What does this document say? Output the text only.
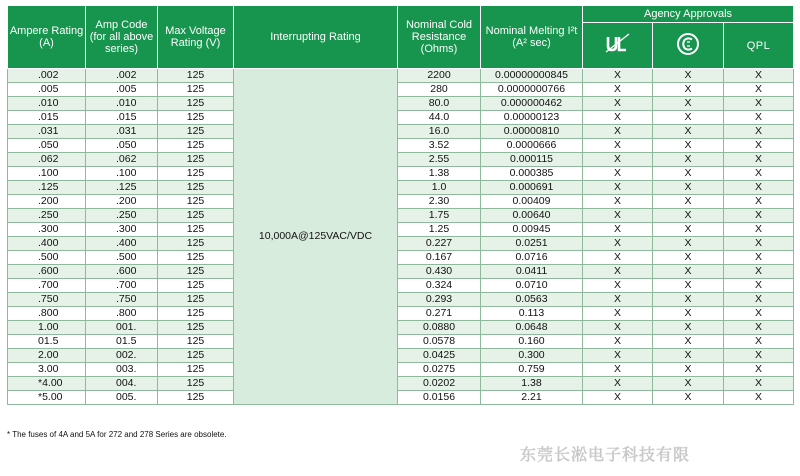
Ampere Rating (A)	Amp Code (for all above series)	Max Voltage Rating (V)	Interrupting Rating	Nominal Cold Resistance (Ohms)	Nominal Melting I²t (A² sec)	Agency Approvals		
		QPL
.002	.002	125	10,000A@125VAC/VDC	2200	0.00000000845	X	X	X
.005	.005	125		280	0.0000000766	X	X	X
.010	.010	125		80.0	0.000000462	X	X	X
.015	.015	125		44.0	0.00000123	X	X	X
.031	.031	125		16.0	0.00000810	X	X	X
.050	.050	125		3.52	0.0000666	X	X	X
.062	.062	125		2.55	0.000115	X	X	X
.100	.100	125		1.38	0.000385	X	X	X
.125	.125	125		1.0	0.000691	X	X	X
.200	.200	125		2.30	0.00409	X	X	X
.250	.250	125		1.75	0.00640	X	X	X
.300	.300	125		1.25	0.00945	X	X	X
.400	.400	125		0.227	0.0251	X	X	X
.500	.500	125		0.167	0.0716	X	X	X
.600	.600	125		0.430	0.0411	X	X	X
.700	.700	125		0.324	0.0710	X	X	X
.750	.750	125		0.293	0.0563	X	X	X
.800	.800	125		0.271	0.113	X	X	X
1.00	001.	125		0.0880	0.0648	X	X	X
01.5	01.5	125		0.0578	0.160	X	X	X
2.00	002.	125		0.0425	0.300	X	X	X
3.00	003.	125		0.0275	0.759	X	X	X
*4.00	004.	125		0.0202	1.38	X	X	X
*5.00	005.	125		0.0156	2.21	X	X	X
* The fuses of 4A and 5A for 272 and 278 Series are obsolete.
东莞长淞电子科技有限
